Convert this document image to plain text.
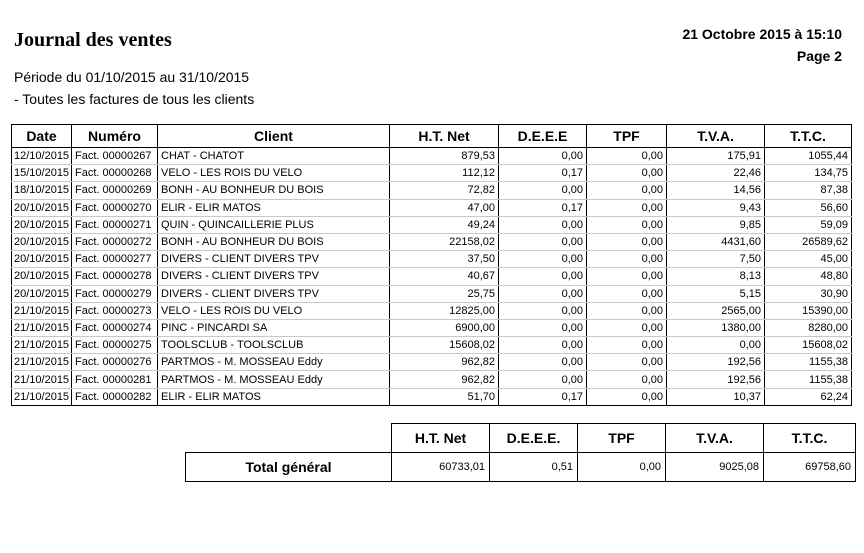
Journal des ventes	21 Octobre 2015 à 15:10
Page 2
Période du 01/10/2015 au 31/10/2015
- Toutes les factures de tous les clients
Date	Numéro	Client	H.T. Net	D.E.E.E	TPF	T.V.A.	T.T.C.
12/10/2015	Fact. 00000267	CHAT - CHATOT	879,53	0,00	0,00	175,91	1055,44
15/10/2015	Fact. 00000268	VELO - LES ROIS DU VELO	112,12	0,17	0,00	22,46	134,75
18/10/2015	Fact. 00000269	BONH - AU BONHEUR DU BOIS	72,82	0,00	0,00	14,56	87,38
20/10/2015	Fact. 00000270	ELIR - ELIR MATOS	47,00	0,17	0,00	9,43	56,60
20/10/2015	Fact. 00000271	QUIN - QUINCAILLERIE PLUS	49,24	0,00	0,00	9,85	59,09
20/10/2015	Fact. 00000272	BONH - AU BONHEUR DU BOIS	22158,02	0,00	0,00	4431,60	26589,62
20/10/2015	Fact. 00000277	DIVERS - CLIENT DIVERS TPV	37,50	0,00	0,00	7,50	45,00
20/10/2015	Fact. 00000278	DIVERS - CLIENT DIVERS TPV	40,67	0,00	0,00	8,13	48,80
20/10/2015	Fact. 00000279	DIVERS - CLIENT DIVERS TPV	25,75	0,00	0,00	5,15	30,90
21/10/2015	Fact. 00000273	VELO - LES ROIS DU VELO	12825,00	0,00	0,00	2565,00	15390,00
21/10/2015	Fact. 00000274	PINC - PINCARDI SA	6900,00	0,00	0,00	1380,00	8280,00
21/10/2015	Fact. 00000275	TOOLSCLUB - TOOLSCLUB	15608,02	0,00	0,00	0,00	15608,02
21/10/2015	Fact. 00000276	PARTMOS - M. MOSSEAU Eddy	962,82	0,00	0,00	192,56	1155,38
21/10/2015	Fact. 00000281	PARTMOS - M. MOSSEAU Eddy	962,82	0,00	0,00	192,56	1155,38
21/10/2015	Fact. 00000282	ELIR - ELIR MATOS	51,70	0,17	0,00	10,37	62,24
	H.T. Net	D.E.E.E.	TPF	T.V.A.	T.T.C.
Total général	60733,01	0,51	0,00	9025,08	69758,60
